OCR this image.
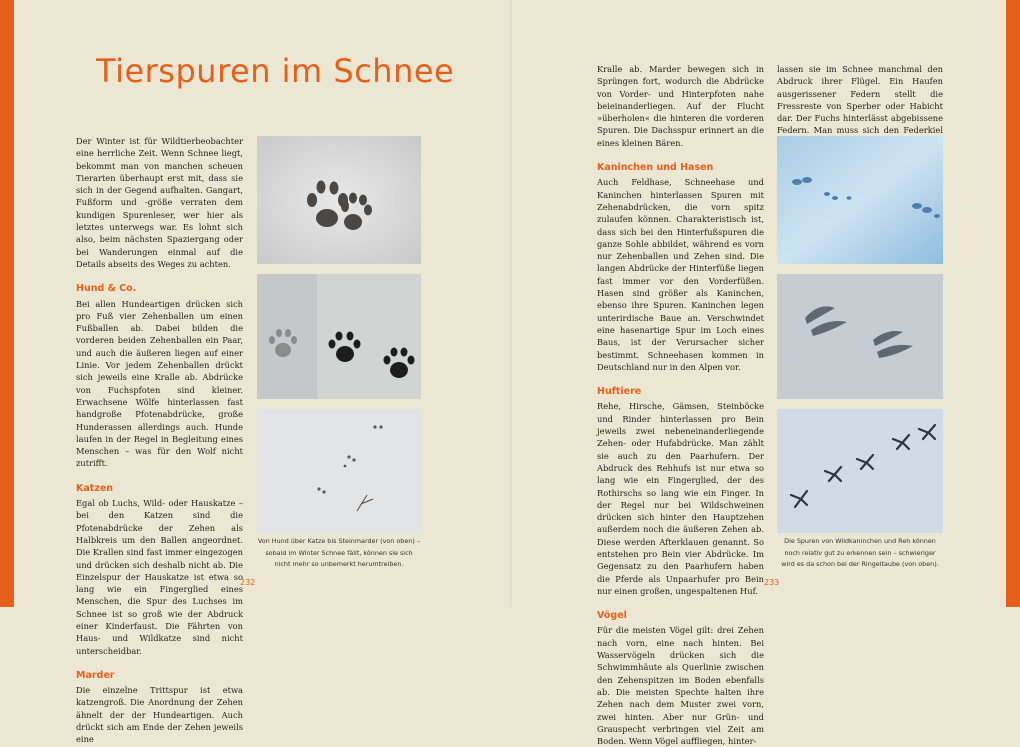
Tierspuren im Schnee

Der Winter ist für Wildtierbeobachter eine herrliche Zeit. Wenn Schnee liegt, bekommt man von manchen scheuen Tierarten überhaupt erst mit, dass sie sich in der Gegend aufhalten. Gangart, Fußform und -größe verraten dem kundigen Spurenleser, wer hier als letztes unterwegs war. Es lohnt sich also, beim nächsten Spaziergang oder bei Wanderungen einmal auf die Details abseits des Weges zu achten.

Hund & Co.

Bei allen Hundeartigen drücken sich pro Fuß vier Zehenballen um einen Fußballen ab. Dabei bilden die vorderen beiden Zehenballen ein Paar, und auch die äußeren liegen auf einer Linie. Vor jedem Zehenballen drückt sich jeweils eine Kralle ab. Abdrücke von Fuchspfoten sind kleiner. Erwachsene Wölfe hinterlassen fast handgroße Pfotenabdrücke, große Hunderassen allerdings auch. Hunde laufen in der Regel in Begleitung eines Menschen – was für den Wolf nicht zutrifft.

Katzen

Egal ob Luchs, Wild- oder Hauskatze – bei den Katzen sind die Pfotenabdrücke der Zehen als Halbkreis um den Ballen angeordnet. Die Krallen sind fast immer eingezogen und drücken sich deshalb nicht ab. Die Einzelspur der Hauskatze ist etwa so lang wie ein Fingerglied eines Menschen, die Spur des Luchses im Schnee ist so groß wie der Abdruck einer Kinderfaust. Die Fährten von Haus- und Wildkatze sind nicht unterscheidbar.

Marder

Die einzelne Trittspur ist etwa katzengroß. Die Anordnung der Zehen ähnelt der der Hundeartigen. Auch drückt sich am Ende der Zehen jeweils eine

Von Hund über Katze bis Steinmarder (von oben) – sobald im Winter Schnee fällt, können sie sich nicht mehr so unbemerkt herumtreiben.
232

Kralle ab. Marder bewegen sich in Sprüngen fort, wodurch die Abdrücke von Vorder- und Hinterpfoten nahe beieinanderliegen. Auf der Flucht »überholen« die hinteren die vorderen Spuren. Die Dachsspur erinnert an die eines kleinen Bären.

Kaninchen und Hasen

Auch Feldhase, Schneehase und Kaninchen hinterlassen Spuren mit Zehenabdrücken, die vorn spitz zulaufen können. Charakteristisch ist, dass sich bei den Hinterfußspuren die ganze Sohle abbildet, während es vorn nur Zehenballen und Zehen sind. Die langen Abdrücke der Hinterfüße liegen fast immer vor den Vorderfüßen. Hasen sind größer als Kaninchen, ebenso ihre Spuren. Kaninchen legen unterirdische Baue an. Verschwindet eine hasenartige Spur im Loch eines Baus, ist der Verursacher sicher bestimmt. Schneehasen kommen in Deutschland nur in den Alpen vor.

Huftiere

Rehe, Hirsche, Gämsen, Steinböcke und Rinder hinterlassen pro Bein jeweils zwei nebeneinanderliegende Zehen- oder Hufabdrücke. Man zählt sie auch zu den Paarhufern. Der Abdruck des Rehhufs ist nur etwa so lang wie ein Fingerglied, der des Rothirschs so lang wie ein Finger. In der Regel nur bei Wildschweinen drücken sich hinter den Hauptzehen außerdem noch die äußeren Zehen ab. Diese werden Afterklauen genannt. So entstehen pro Bein vier Abdrücke. Im Gegensatz zu den Paarhufern haben die Pferde als Unpaarhufer pro Bein nur einen großen, ungespaltenen Huf.

Vögel

Für die meisten Vögel gilt: drei Zehen nach vorn, eine nach hinten. Bei Wasservögeln drücken sich die Schwimmhäute als Querlinie zwischen den Zehenspitzen im Boden ebenfalls ab. Die meisten Spechte halten ihre Zehen nach dem Muster zwei vorn, zwei hinten. Aber nur Grün- und Grauspecht verbringen viel Zeit am Boden. Wenn Vögel auffliegen, hinter-

lassen sie im Schnee manchmal den Abdruck ihrer Flügel. Ein Haufen ausgerissener Federn stellt die Fressreste von Sperber oder Habicht dar. Der Fuchs hinterlässt abgebissene Federn. Man muss sich den Federkiel

Die Spuren von Wildkaninchen und Reh können noch relativ gut zu erkennen sein – schwieriger wird es da schon bei der Ringeltaube (von oben).
233
